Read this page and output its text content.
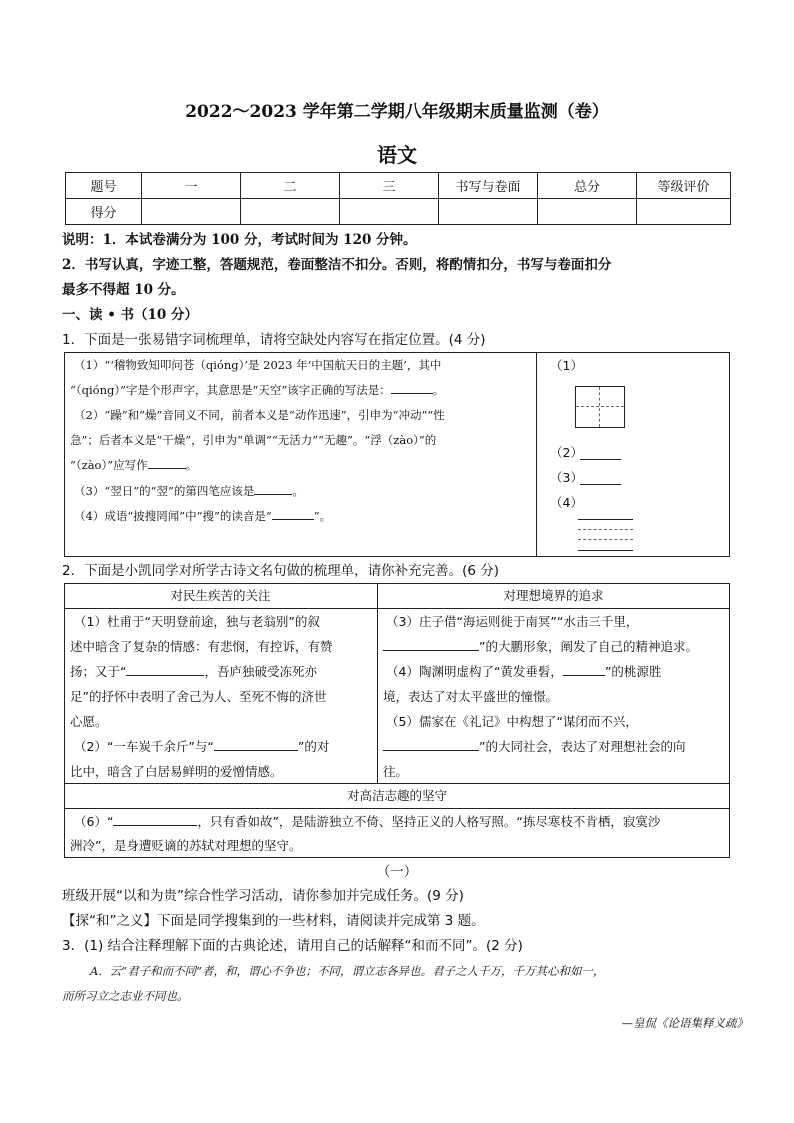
2022～2023 学年第二学期八年级期末质量监测（卷）
语文
题号	一	二	三	书写与卷面	总分	等级评价
得分						
说明：1．本试卷满分为 100 分，考试时间为 120 分钟。
2．书写认真，字迹工整，答题规范，卷面整洁不扣分。否则，将酌情扣分，书写与卷面扣分
最多不得超 10 分。
一、读 • 书（10 分）
1．下面是一张易错字词梳理单，请将空缺处内容写在指定位置。(4 分)
（1）“‘稽物致知叩问苍（qióng）’是 2023 年‘中国航天日的主题’，其中
“（qióng）”字是个形声字，其意思是“天空”该字正确的写法是：	。
（2）“躁”和“燥”音同义不同，前者本义是“动作迅速”，引申为“冲动”“性
急”；后者本义是“干燥”，引申为“单调”“无活力”“无趣”。“浮（zào）”的
“（zào）”应写作	。
（3）“翌日”的“翌”的第四笔应该是	。
（4）成语“披搜罔闻”中“搜”的读音是“	”。
（1）
（2）
（3）
（4）
2．下面是小凯同学对所学古诗文名句做的梳理单，请你补充完善。(6 分)
对民生疾苦的关注	对理想境界的追求
（1）杜甫于“天明登前途，独与老翁别”的叙
述中暗含了复杂的情感：有悲悯，有控诉，有赞
扬；又于“	，吾庐独破受冻死亦
足”的抒怀中表明了舍己为人、至死不悔的济世
心愿。
（2）“一车炭千余斤”与“	”的对
比中，暗含了白居易鲜明的爱憎情感。
（3）庄子借“海运则徙于南冥”“水击三千里，
”的大鹏形象，阐发了自己的精神追求。
（4）陶渊明虚构了“黄发垂髫，	”的桃源胜
境，表达了对太平盛世的憧憬。
（5）儒家在《礼记》中构想了“谋闭而不兴，
”的大同社会，表达了对理想社会的向
往。
对高洁志趣的坚守
（6）“	，只有香如故”，是陆游独立不倚、坚持正义的人格写照。“拣尽寒枝不肯栖，寂寞沙
洲冷”，是身遭贬谪的苏轼对理想的坚守。
（一）
班级开展“以和为贵”综合性学习活动，请你参加并完成任务。(9 分)
【探“和”之义】下面是同学搜集到的一些材料，请阅读并完成第 3 题。
3．(1) 结合注释理解下面的古典论述，请用自己的话解释“和而不同”。(2 分)
A．云“君子和而不同”者，和，谓心不争也；不同，谓立志各异也。君子之人千万，千万其心和如一，
而所习立之志业不同也。
—皇侃《论语集释义疏》
